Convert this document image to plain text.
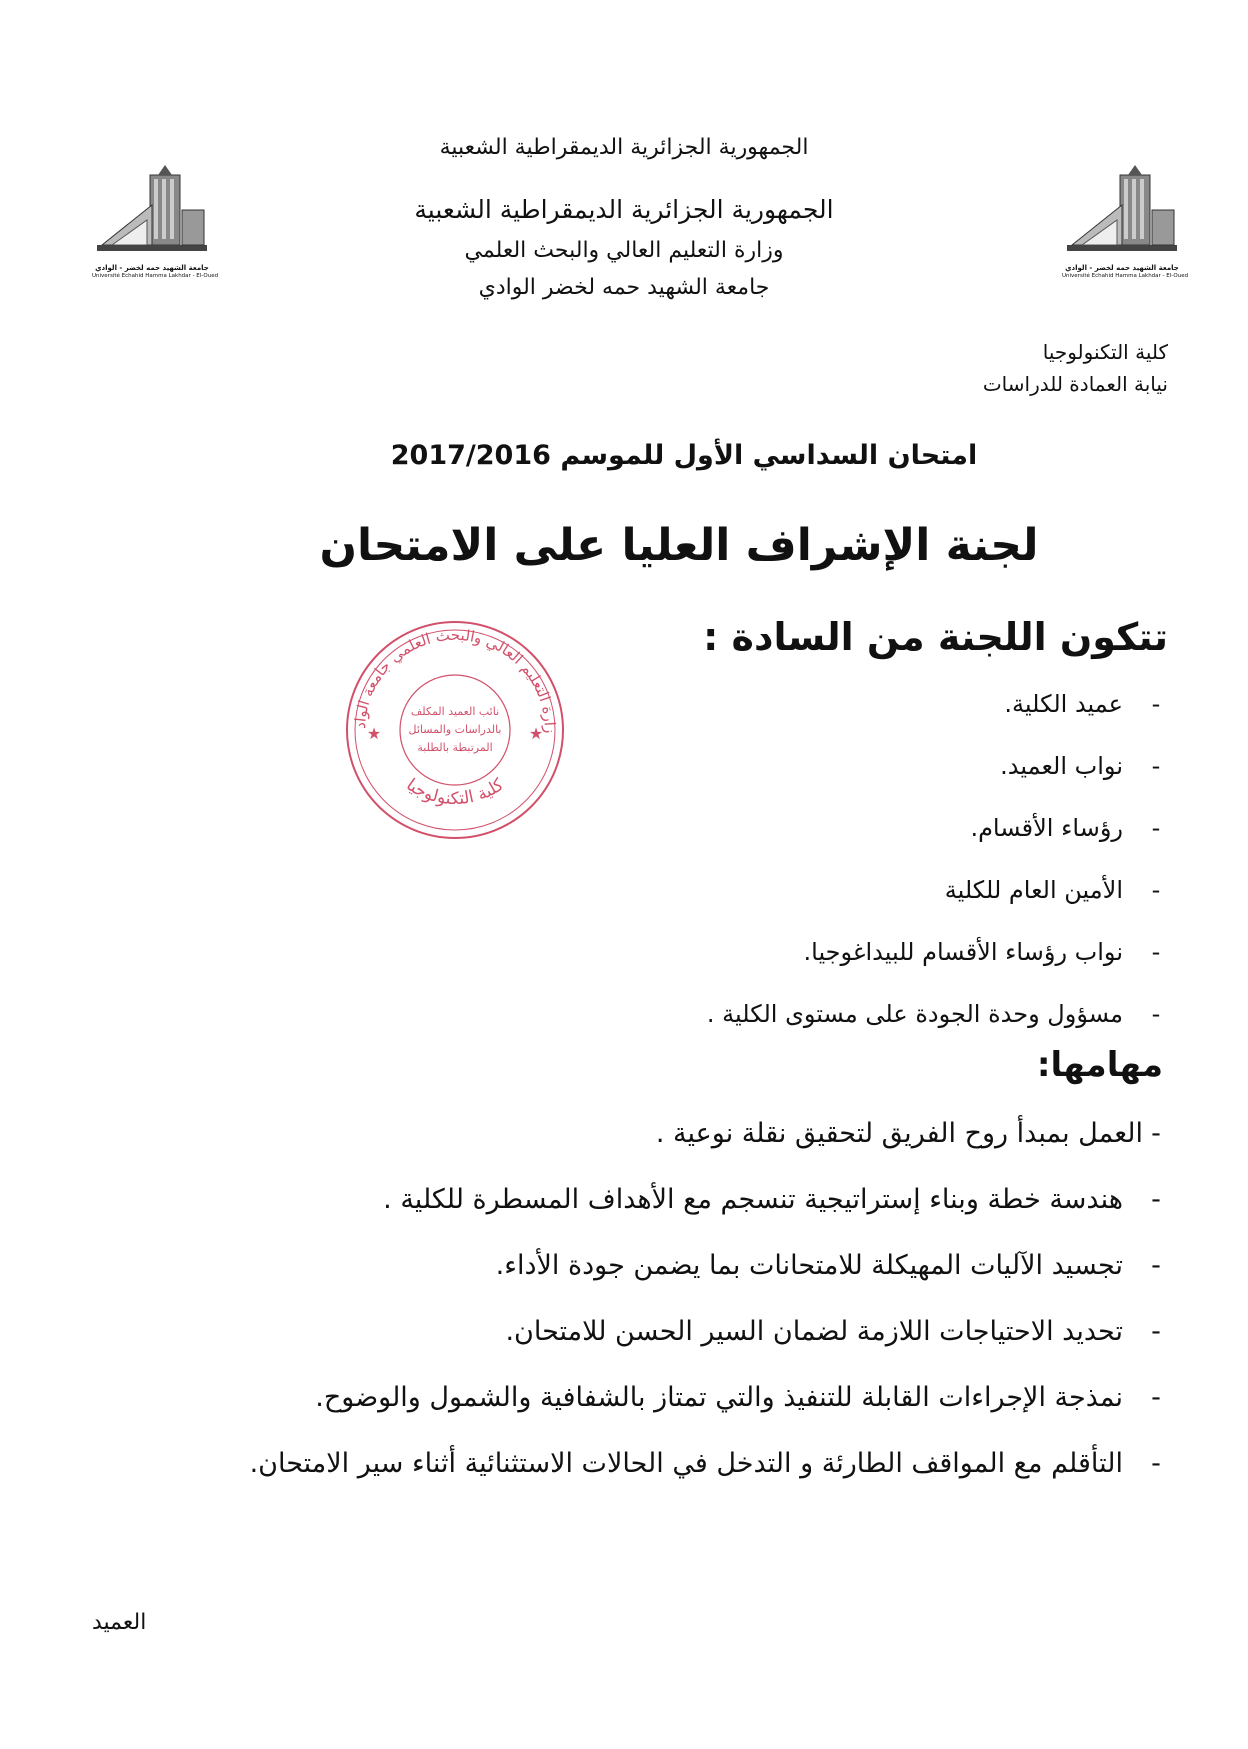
جامعة الشهيد حمه لخضر - الوادي
Université Echahid Hamma Lakhdar - El-Oued
جامعة الشهيد حمه لخضر - الوادي
Université Echahid Hamma Lakhdar - El-Oued
الجمهورية الجزائرية الديمقراطية الشعبية
الجمهورية الجزائرية الديمقراطية الشعبية
وزارة التعليم العالي والبحث العلمي
جامعة الشهيد حمه لخضر الوادي
كلية التكنولوجيا
نيابة العمادة للدراسات
امتحان السداسي الأول للموسم 2017/2016
لجنة الإشراف العليا على الامتحان
تتكون اللجنة من السادة :
زارة التعليم العالي والبحث العلمي جامعة الواد
كلية التكنولوجيا
نائب العميد المكلف
بالدراسات والمسائل
المرتبطة بالطلبة
★	★
-
عميد الكلية.
-
نواب العميد.
-
رؤساء الأقسام.
-
الأمين العام للكلية
-
نواب رؤساء الأقسام للبيداغوجيا.
-
مسؤول وحدة الجودة على مستوى الكلية .
مهامها:
-
العمل بمبدأ روح الفريق لتحقيق نقلة نوعية .
-
هندسة خطة وبناء إستراتيجية تنسجم مع الأهداف المسطرة للكلية .
-
تجسيد الآليات المهيكلة للامتحانات بما يضمن جودة الأداء.
-
تحديد الاحتياجات اللازمة لضمان السير الحسن للامتحان.
-
نمذجة الإجراءات القابلة للتنفيذ والتي تمتاز بالشفافية والشمول والوضوح.
-
التأقلم مع المواقف الطارئة و التدخل في الحالات الاستثنائية أثناء سير الامتحان.
العميد
